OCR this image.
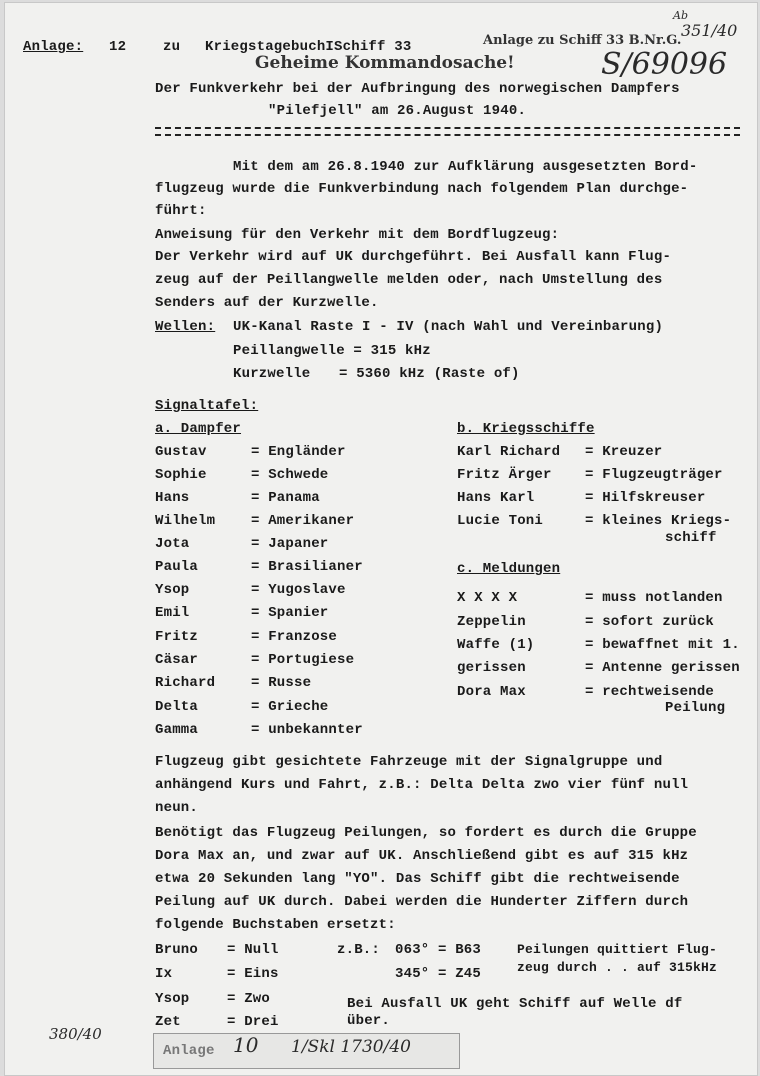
Anlage: 12	zu KriegstagebuchISchiff 33	Anlage zu Schiff 33 B.Nr.G.
Geheime Kommandosache!
Ab
351/40
S/69096
Der Funkverkehr bei der Aufbringung des norwegischen Dampfers
"Pilefjell" am 26.August 1940.
Mit dem am 26.8.1940 zur Aufklärung ausgesetzten Bord-
flugzeug wurde die Funkverbindung nach folgendem Plan durchge-
führt:
Anweisung für den Verkehr mit dem Bordflugzeug:
Der Verkehr wird auf UK durchgeführt. Bei Ausfall kann Flug-
zeug auf der Peillangwelle melden oder, nach Umstellung des
Senders auf der Kurzwelle.
Wellen: UK-Kanal Raste I - IV (nach Wahl und Vereinbarung)
Peillangwelle = 315 kHz
Kurzwelle = 5360 kHz (Raste of)
Signaltafel:
a. Dampfer
Gustav	= Engländer
Sophie	= Schwede
Hans	= Panama
Wilhelm	= Amerikaner
Jota	= Japaner
Paula	= Brasilianer
Ysop	= Yugoslave
Emil	= Spanier
Fritz	= Franzose
Cäsar	= Portugiese
Richard	= Russe
Delta	= Grieche
Gamma	= unbekannter
b. Kriegsschiffe
Karl Richard = Kreuzer
Fritz Ärger = Flugzeugträger
Hans Karl	= Hilfskreuser
Lucie Toni	= kleines Kriegs-
schiff
c. Meldungen
X X X X	= muss notlanden
Zeppelin	= sofort zurück
Waffe (1)	= bewaffnet mit 1.
gerissen	= Antenne gerissen
Dora Max	= rechtweisende
Peilung
Flugzeug gibt gesichtete Fahrzeuge mit der Signalgruppe und
anhängend Kurs und Fahrt, z.B.: Delta Delta zwo vier fünf null
neun.
Benötigt das Flugzeug Peilungen, so fordert es durch die Gruppe
Dora Max an, und zwar auf UK. Anschließend gibt es auf 315 kHz
etwa 20 Sekunden lang "YO". Das Schiff gibt die rechtweisende
Peilung auf UK durch. Dabei werden die Hunderter Ziffern durch
folgende Buchstaben ersetzt:
Bruno = Null
Ix	= Eins
Ysop	= Zwo
Zet	= Drei
z.B.: 063° = B63
345° = Z45
Peilungen quittiert Flug-
zeug durch . . auf 315kHz
Bei Ausfall UK geht Schiff auf Welle df
über.
380/40
Anlage 10 1/Skl 1730/40
